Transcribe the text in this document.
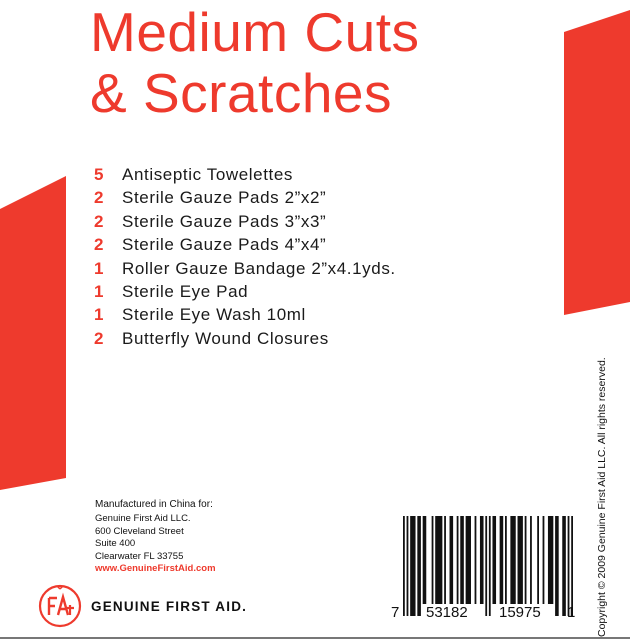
Medium Cuts
& Scratches
5 Antiseptic Towelettes
2 Sterile Gauze Pads 2”x2”
2 Sterile Gauze Pads 3”x3”
2 Sterile Gauze Pads 4”x4”
1 Roller Gauze Bandage 2”x4.1yds.
1 Sterile Eye Pad
1 Sterile Eye Wash 10ml
2 Butterfly Wound Closures
Manufactured in China for:
Genuine First Aid LLC.
600 Cleveland Street
Suite 400
Clearwater FL 33755
www.GenuineFirstAid.com
GENUINE FIRST AID.	7 53182 15975 1 Copyright © 2009 Genuine First Aid LLC. All rights reserved.
